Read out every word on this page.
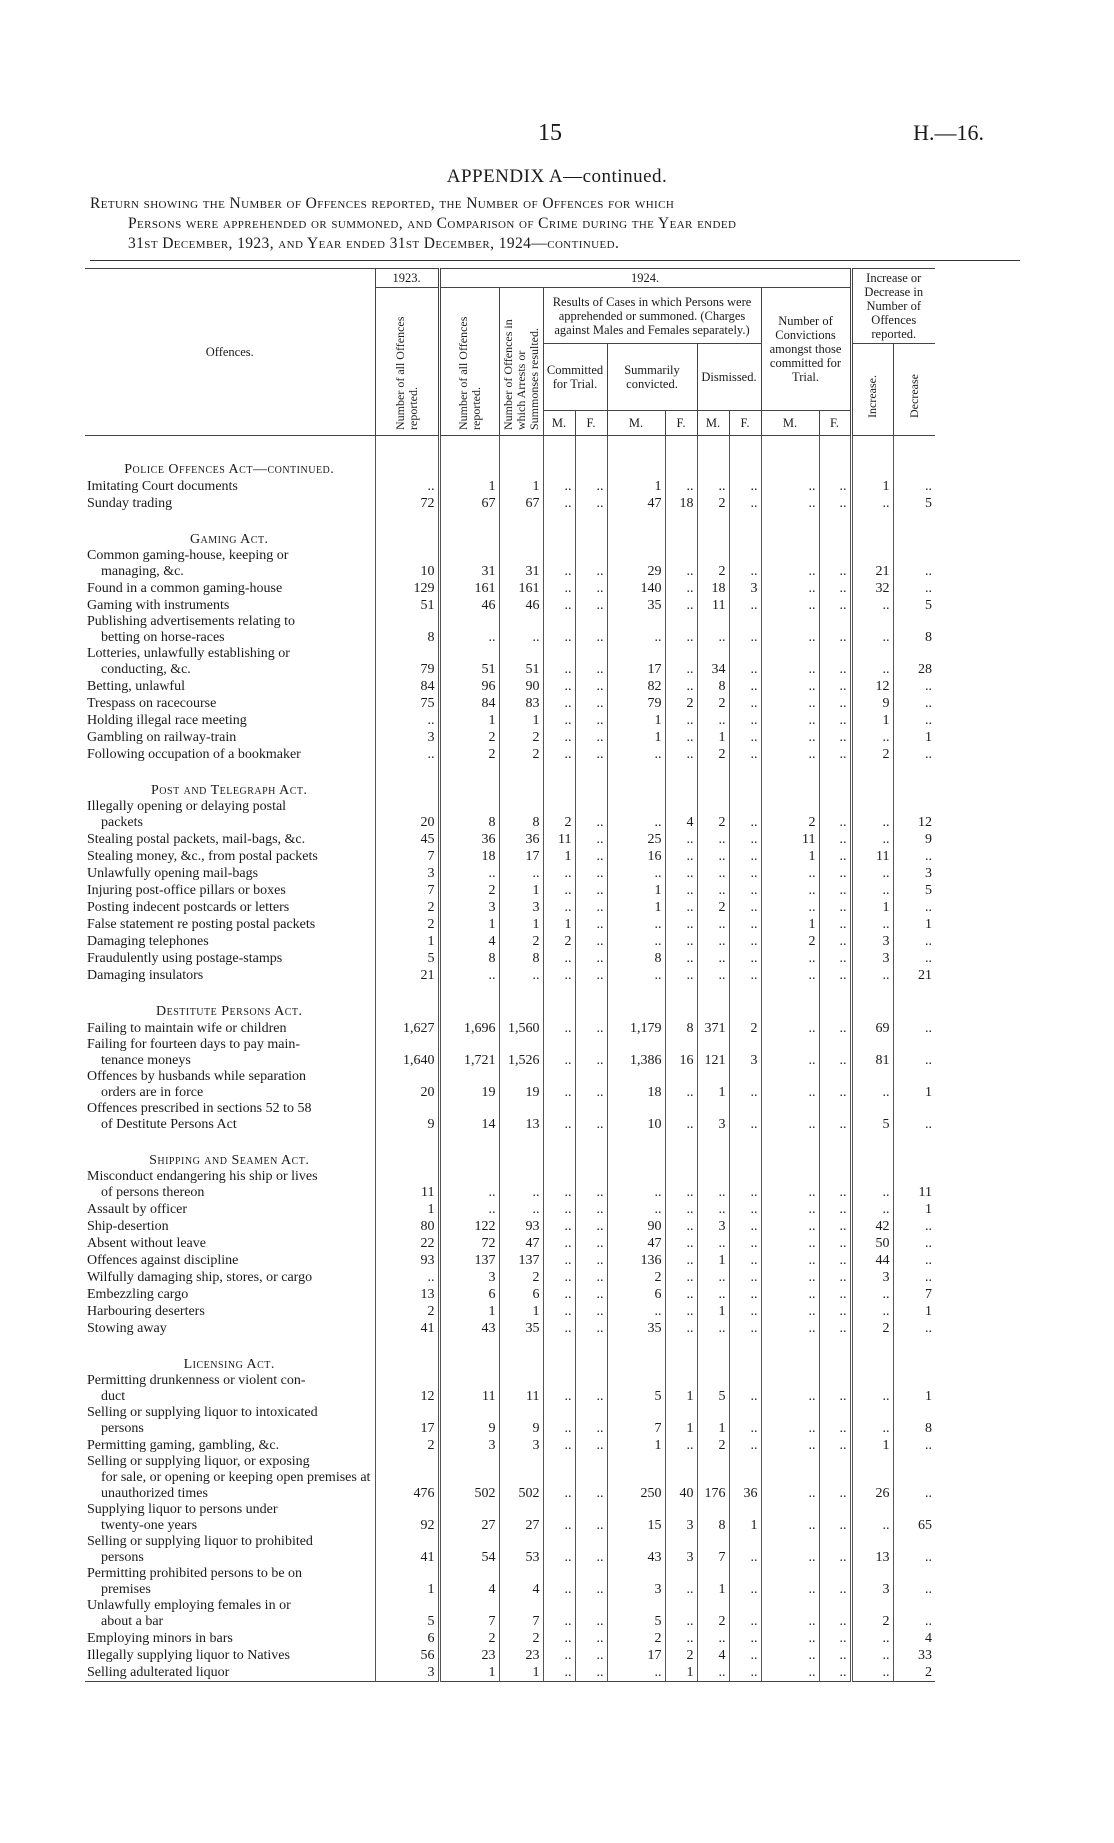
15	H.—16.
APPENDIX A—continued.
Return showing the Number of Offences reported, the Number of Offences for which
Persons were apprehended or summoned, and Comparison of Crime during the Year ended
31st December, 1923, and Year ended 31st December, 1924—continued.
Offences.	1923.	1924.										Increase or Decrease in Number of Offences reported.	
	Number of all Offences reported.	Number of all Offences reported.	Number of Offences in which Arrests or Summonses resulted.	Results of Cases in which Persons were apprehended or summoned. (Charges against Males and Females separately.)						Number of Convictions amongst those committed for Trial.			
				Committed for Trial.		Summarily convicted.		Dismissed.				Increase.	Decrease
				M.	F.	M.	F.	M.	F.	M.	F.		

Police Offences Act—continued.													
Imitating Court documents	..	1	1	..	..	1	..	..	..	..	..	1	..
Sunday trading	72	67	67	..	..	47	18	2	..	..	..	..	5
Gaming Act.													
Common gaming-house, keeping or
managing, &c.	10	31	31	..	..	29	..	2	..	..	..	21	..
Found in a common gaming-house	129	161	161	..	..	140	..	18	3	..	..	32	..
Gaming with instruments	51	46	46	..	..	35	..	11	..	..	..	..	5
Publishing advertisements relating to
betting on horse-races	8	..	..	..	..	..	..	..	..	..	..	..	8
Lotteries, unlawfully establishing or
conducting, &c.	79	51	51	..	..	17	..	34	..	..	..	..	28
Betting, unlawful	84	96	90	..	..	82	..	8	..	..	..	12	..
Trespass on racecourse	75	84	83	..	..	79	2	2	..	..	..	9	..
Holding illegal race meeting	..	1	1	..	..	1	..	..	..	..	..	1	..
Gambling on railway-train	3	2	2	..	..	1	..	1	..	..	..	..	1
Following occupation of a bookmaker	..	2	2	..	..	..	..	2	..	..	..	2	..
Post and Telegraph Act.													
Illegally opening or delaying postal
packets	20	8	8	2	..	..	4	2	..	2	..	..	12
Stealing postal packets, mail-bags, &c.	45	36	36	11	..	25	..	..	..	11	..	..	9
Stealing money, &c., from postal packets	7	18	17	1	..	16	..	..	..	1	..	11	..
Unlawfully opening mail-bags	3	..	..	..	..	..	..	..	..	..	..	..	3
Injuring post-office pillars or boxes	7	2	1	..	..	1	..	..	..	..	..	..	5
Posting indecent postcards or letters	2	3	3	..	..	1	..	2	..	..	..	1	..
False statement re posting postal packets	2	1	1	1	..	..	..	..	..	1	..	..	1
Damaging telephones	1	4	2	2	..	..	..	..	..	2	..	3	..
Fraudulently using postage-stamps	5	8	8	..	..	8	..	..	..	..	..	3	..
Damaging insulators	21	..	..	..	..	..	..	..	..	..	..	..	21
Destitute Persons Act.													
Failing to maintain wife or children	1,627	1,696	1,560	..	..	1,179	8	371	2	..	..	69	..
Failing for fourteen days to pay main-
tenance moneys	1,640	1,721	1,526	..	..	1,386	16	121	3	..	..	81	..
Offences by husbands while separation
orders are in force	20	19	19	..	..	18	..	1	..	..	..	..	1
Offences prescribed in sections 52 to 58
of Destitute Persons Act	9	14	13	..	..	10	..	3	..	..	..	5	..
Shipping and Seamen Act.													
Misconduct endangering his ship or lives
of persons thereon	11	..	..	..	..	..	..	..	..	..	..	..	11
Assault by officer	1	..	..	..	..	..	..	..	..	..	..	..	1
Ship-desertion	80	122	93	..	..	90	..	3	..	..	..	42	..
Absent without leave	22	72	47	..	..	47	..	..	..	..	..	50	..
Offences against discipline	93	137	137	..	..	136	..	1	..	..	..	44	..
Wilfully damaging ship, stores, or cargo	..	3	2	..	..	2	..	..	..	..	..	3	..
Embezzling cargo	13	6	6	..	..	6	..	..	..	..	..	..	7
Harbouring deserters	2	1	1	..	..	..	..	1	..	..	..	..	1
Stowing away	41	43	35	..	..	35	..	..	..	..	..	2	..
Licensing Act.													
Permitting drunkenness or violent con-
duct	12	11	11	..	..	5	1	5	..	..	..	..	1
Selling or supplying liquor to intoxicated
persons	17	9	9	..	..	7	1	1	..	..	..	..	8
Permitting gaming, gambling, &c.	2	3	3	..	..	1	..	2	..	..	..	1	..
Selling or supplying liquor, or exposing
for sale, or opening or keeping open premises at unauthorized times	476	502	502	..	..	250	40	176	36	..	..	26	..
Supplying liquor to persons under
twenty-one years	92	27	27	..	..	15	3	8	1	..	..	..	65
Selling or supplying liquor to prohibited
persons	41	54	53	..	..	43	3	7	..	..	..	13	..
Permitting prohibited persons to be on
premises	1	4	4	..	..	3	..	1	..	..	..	3	..
Unlawfully employing females in or
about a bar	5	7	7	..	..	5	..	2	..	..	..	2	..
Employing minors in bars	6	2	2	..	..	2	..	..	..	..	..	..	4
Illegally supplying liquor to Natives	56	23	23	..	..	17	2	4	..	..	..	..	33
Selling adulterated liquor	3	1	1	..	..	..	1	..	..	..	..	..	2
